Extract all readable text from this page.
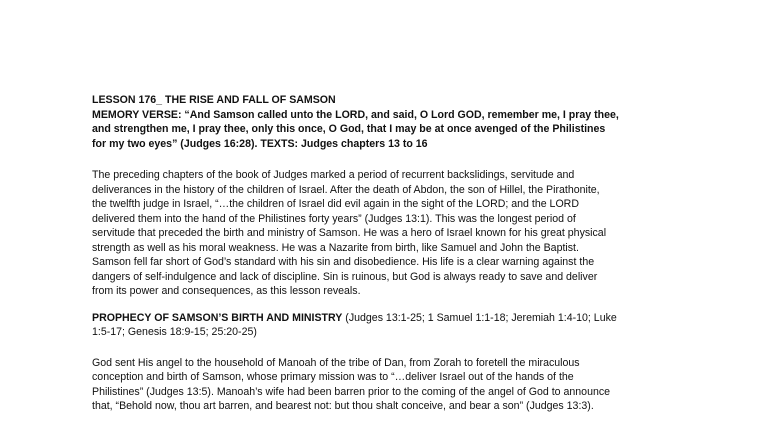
LESSON 176_ THE RISE AND FALL OF SAMSON
MEMORY VERSE: “And Samson called unto the LORD, and said, O Lord GOD, remember me, I pray thee,
and strengthen me, I pray thee, only this once, O God, that I may be at once avenged of the Philistines
for my two eyes” (Judges 16:28). TEXTS: Judges chapters 13 to 16
The preceding chapters of the book of Judges marked a period of recurrent backslidings, servitude and
deliverances in the history of the children of Israel. After the death of Abdon, the son of Hillel, the Pirathonite,
the twelfth judge in Israel, “…the children of Israel did evil again in the sight of the LORD; and the LORD
delivered them into the hand of the Philistines forty years” (Judges 13:1). This was the longest period of
servitude that preceded the birth and ministry of Samson. He was a hero of Israel known for his great physical
strength as well as his moral weakness. He was a Nazarite from birth, like Samuel and John the Baptist.
Samson fell far short of God’s standard with his sin and disobedience. His life is a clear warning against the
dangers of self-indulgence and lack of discipline. Sin is ruinous, but God is always ready to save and deliver
from its power and consequences, as this lesson reveals.
PROPHECY OF SAMSON’S BIRTH AND MINISTRY (Judges 13:1-25; 1 Samuel 1:1-18; Jeremiah 1:4-10; Luke
1:5-17; Genesis 18:9-15; 25:20-25)
God sent His angel to the household of Manoah of the tribe of Dan, from Zorah to foretell the miraculous
conception and birth of Samson, whose primary mission was to “…deliver Israel out of the hands of the
Philistines” (Judges 13:5). Manoah’s wife had been barren prior to the coming of the angel of God to announce
that, “Behold now, thou art barren, and bearest not: but thou shalt conceive, and bear a son” (Judges 13:3).
